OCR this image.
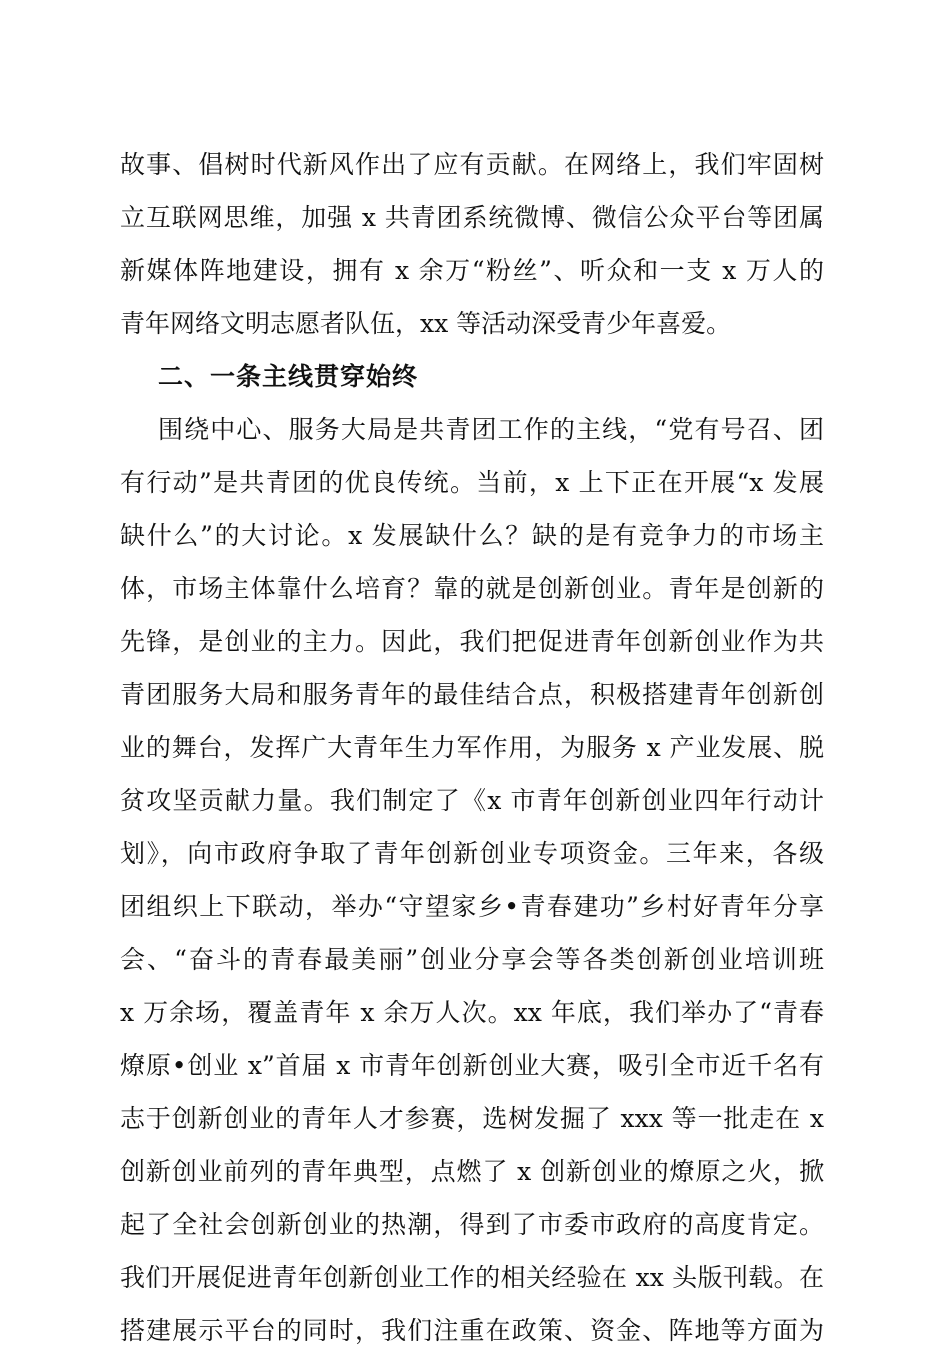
故事、倡树时代新风作出了应有贡献。在网络上，我们牢固树
立互联网思维，加强 x 共青团系统微博、微信公众平台等团属
新媒体阵地建设，拥有 x 余万“粉丝”、听众和一支 x 万人的
青年网络文明志愿者队伍，xx 等活动深受青少年喜爱。
二、一条主线贯穿始终
围绕中心、服务大局是共青团工作的主线，“党有号召、团
有行动”是共青团的优良传统。当前，x 上下正在开展“x 发展
缺什么”的大讨论。x 发展缺什么？缺的是有竞争力的市场主
体，市场主体靠什么培育？靠的就是创新创业。青年是创新的
先锋，是创业的主力。因此，我们把促进青年创新创业作为共
青团服务大局和服务青年的最佳结合点，积极搭建青年创新创
业的舞台，发挥广大青年生力军作用，为服务 x 产业发展、脱
贫攻坚贡献力量。我们制定了《x 市青年创新创业四年行动计
划》，向市政府争取了青年创新创业专项资金。三年来，各级
团组织上下联动，举办“守望家乡•青春建功”乡村好青年分享
会、“奋斗的青春最美丽”创业分享会等各类创新创业培训班
x 万余场，覆盖青年 x 余万人次。xx 年底，我们举办了“青春
燎原•创业 x”首届 x 市青年创新创业大赛，吸引全市近千名有
志于创新创业的青年人才参赛，选树发掘了 xxx 等一批走在 x
创新创业前列的青年典型，点燃了 x 创新创业的燎原之火，掀
起了全社会创新创业的热潮，得到了市委市政府的高度肯定。
我们开展促进青年创新创业工作的相关经验在 xx 头版刊载。在
搭建展示平台的同时，我们注重在政策、资金、阵地等方面为
